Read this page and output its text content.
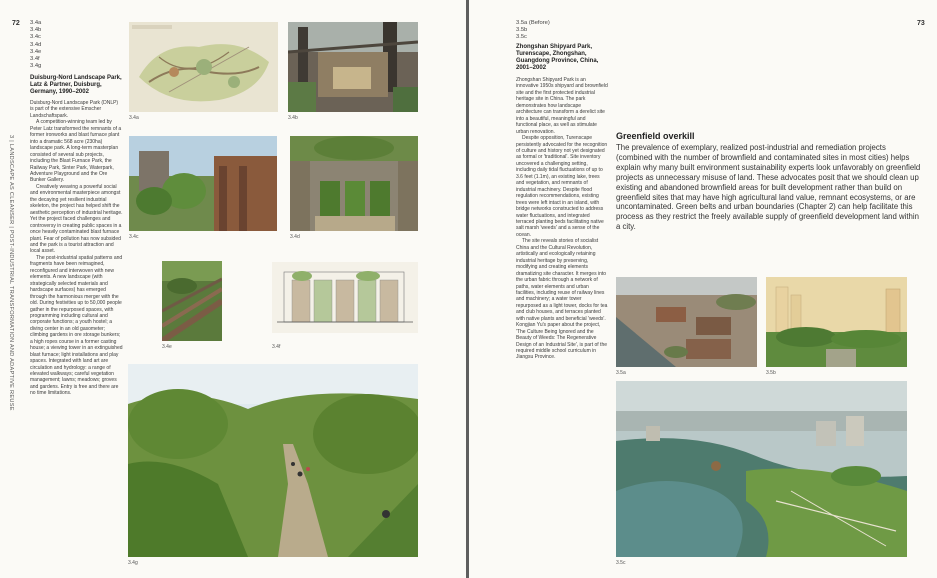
72
3 | LANDSCAPE AS CLEANSER | POST-INDUSTRIAL TRANSFORMATION AND ADAPTIVE REUSE
3.4a
3.4b
3.4c
3.4d
3.4e
3.4f
3.4g
Duisburg-Nord Landscape Park, Latz & Partner, Duisburg, Germany, 1990–2002

Duisburg-Nord Landscape Park (DNLP) is part of the extensive Emscher Landschaftspark.

A competition-winning team led by Peter Latz transformed the remnants of a former ironworks and blast furnace plant into a dramatic 568 acre (230ha) landscape park. A long-term masterplan consisted of several sub projects, including the Blast Furnace Park, the Railway Park, Sinter Park, Waterpark, Adventure Playground and the Ore Bunker Gallery.

Creatively weaving a powerful social and environmental masterpiece amongst the decaying yet resilient industrial skeleton, the project has helped shift the aesthetic perception of industrial heritage. Yet the project faced challenges and controversy in creating public spaces in a once heavily contaminated blast furnace plant. Fear of pollution has now subsided and the park is a tourist attraction and local asset.

The post-industrial spatial patterns and fragments have been reimagined, reconfigured and interwoven with new elements. A new landscape (with strategically selected materials and hardscape surfaces) has emerged through the harmonious merger with the old. During festivities up to 50,000 people gather in the repurposed spaces, with programming including cultural and corporate functions; a youth hostel; a diving center in an old gasometer; climbing gardens in ore storage bunkers; a high ropes course in a former casting house; a viewing tower in an extinguished blast furnace; light installations and play spaces. Integrated with land art are circulation and hydrology: a range of elevated walkways; careful vegetation management; lawns; meadows; groves and gardens. Entry is free and there are no time limitations.

3.4a	3.4b
3.4c	3.4d
3.4e	3.4f
3.4g
73
3.5a (Before)
3.5b
3.5c
Zhongshan Shipyard Park, Turenscape, Zhongshan, Guangdong Province, China, 2001–2002

Zhongshan Shipyard Park is an innovative 1950s shipyard and brownfield site and the first protected industrial heritage site in China. The park demonstrates how landscape architecture can transform a derelict site into a beautiful, meaningful and functional place, as well as stimulate urban renovation.

Despite opposition, Turenscape persistently advocated for the recognition of culture and history not yet designated as formal or 'traditional'. Site inventory uncovered a challenging setting, including daily tidal fluctuations of up to 3.6 feet (1.1m), an existing lake, trees and vegetation, and remnants of industrial machinery. Despite flood regulation recommendations, existing trees were left intact in an island, with bridge networks constructed to address water fluctuations, and integrated terraced planting beds facilitating native salt marsh 'weeds' and a sense of the ocean.

The site reveals stories of socialist China and the Cultural Revolution, artistically and ecologically retaining industrial heritage by preserving, modifying and creating elements dramatizing site character. It merges into the urban fabric through a network of paths, water elements and urban facilities, including reuse of railway lines and machinery; a water tower repurposed as a light tower, docks for tea and club houses, and terraces planted with native plants and beneficial 'weeds'. Kongjian Yu's paper about the project, 'The Culture Being Ignored and the Beauty of Weeds: The Regenerative Design of an Industrial Site', is part of the required middle school curriculum in Jiangsu Province.

Greenfield overkill
The prevalence of exemplary, realized post-industrial and remediation projects (combined with the number of brownfield and contaminated sites in most cities) helps explain why many built environment sustainability experts look unfavorably on greenfield projects as unnecessary misuse of land. These advocates posit that we should clean up existing and abandoned brownfield areas for built development rather than build on greenfield sites that may have high agricultural land value, remnant ecosystems, or are uncontaminated. Green belts and urban boundaries (Chapter 2) can help facilitate this process as they restrict the freely available supply of greenfield development land within a city.
3.5a	3.5b
3.5c
